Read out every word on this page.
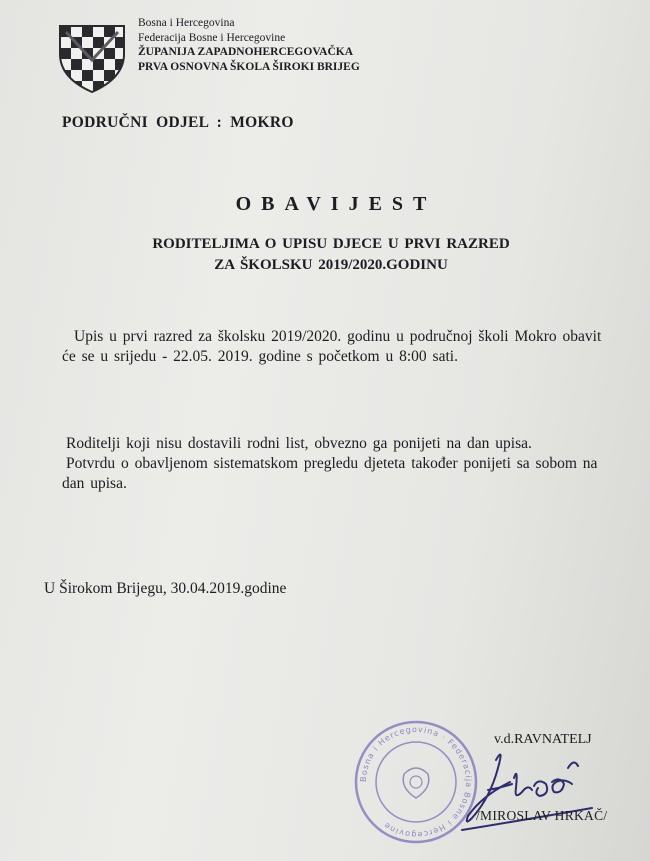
Bosna i Hercegovina
Federacija Bosne i Hercegovine
ŽUPANIJA ZAPADNOHERCEGOVAČKA
PRVA OSNOVNA ŠKOLA ŠIROKI BRIJEG
PODRUČNI ODJEL : MOKRO
OBAVIJEST
RODITELJIMA O UPISU DJECE U PRVI RAZRED
ZA ŠKOLSKU 2019/2020.GODINU
Upis u prvi razred za školsku 2019/2020. godinu u područnoj školi Mokro obavit će se u srijedu - 22.05. 2019. godine s početkom u 8:00 sati.
Roditelji koji nisu dostavili rodni list, obvezno ga ponijeti na dan upisa.
Potvrdu o obavljenom sistematskom pregledu djeteta također ponijeti sa sobom na dan upisa.
U Širokom Brijegu, 30.04.2019.godine
Bosna i Hercegovina · Federacija Bosne i Hercegovine
v.d.RAVNATELJ
/MIROSLAV HRKAČ/
